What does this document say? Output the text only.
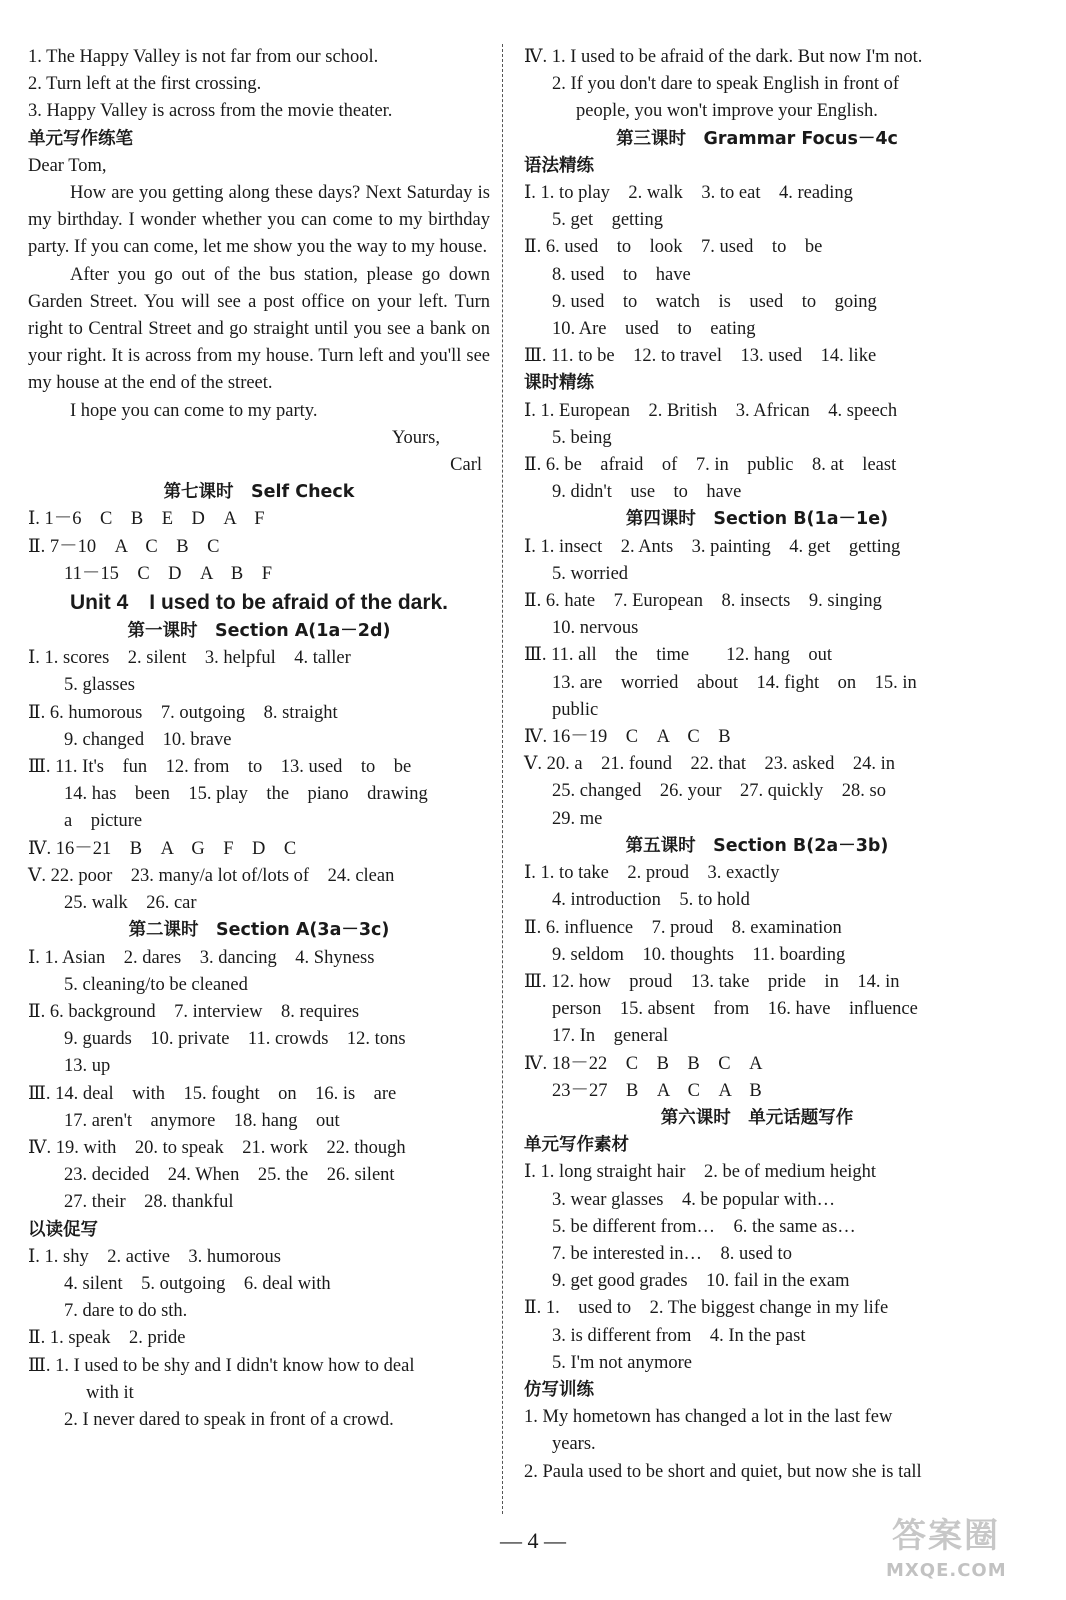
1. The Happy Valley is not far from our school.
2. Turn left at the first crossing.
3. Happy Valley is across from the movie theater.
单元写作练笔
Dear Tom,
How are you getting along these days? Next Saturday is my birthday. I wonder whether you can come to my birthday party. If you can come, let me show you the way to my house.
After you go out of the bus station, please go down Garden Street. You will see a post office on your left. Turn right to Central Street and go straight until you see a bank on your right. It is across from my house. Turn left and you'll see my house at the end of the street.
I hope you can come to my party.
Yours,
Carl
第七课时　Self Check
Ⅰ. 1－6　C　B　E　D　A　F
Ⅱ. 7－10　A　C　B　C
11－15　C　D　A　B　F
Unit 4　I used to be afraid of the dark.
第一课时　Section A(1a－2d)
Ⅰ. 1. scores　2. silent　3. helpful　4. taller
5. glasses
Ⅱ. 6. humorous　7. outgoing　8. straight
9. changed　10. brave
Ⅲ. 11. It's　fun　12. from　to　13. used　to　be
14. has　been　15. play　the　piano　drawing
a　picture
Ⅳ. 16－21　B　A　G　F　D　C
Ⅴ. 22. poor　23. many/a lot of/lots of　24. clean
25. walk　26. car
第二课时　Section A(3a－3c)
Ⅰ. 1. Asian　2. dares　3. dancing　4. Shyness
5. cleaning/to be cleaned
Ⅱ. 6. background　7. interview　8. requires
9. guards　10. private　11. crowds　12. tons
13. up
Ⅲ. 14. deal　with　15. fought　on　16. is　are
17. aren't　anymore　18. hang　out
Ⅳ. 19. with　20. to speak　21. work　22. though
23. decided　24. When　25. the　26. silent
27. their　28. thankful
以读促写
Ⅰ. 1. shy　2. active　3. humorous
4. silent　5. outgoing　6. deal with
7. dare to do sth.
Ⅱ. 1. speak　2. pride
Ⅲ. 1. I used to be shy and I didn't know how to deal
with it
2. I never dared to speak in front of a crowd.
Ⅳ. 1. I used to be afraid of the dark. But now I'm not.
2. If you don't dare to speak English in front of
people, you won't improve your English.
第三课时　Grammar Focus－4c
语法精练
Ⅰ. 1. to play　2. walk　3. to eat　4. reading
5. get　getting
Ⅱ. 6. used　to　look　7. used　to　be
8. used　to　have
9. used　to　watch　is　used　to　going
10. Are　used　to　eating
Ⅲ. 11. to be　12. to travel　13. used　14. like
课时精练
Ⅰ. 1. European　2. British　3. African　4. speech
5. being
Ⅱ. 6. be　afraid　of　7. in　public　8. at　least
9. didn't　use　to　have
第四课时　Section B(1a－1e)
Ⅰ. 1. insect　2. Ants　3. painting　4. get　getting
5. worried
Ⅱ. 6. hate　7. European　8. insects　9. singing
10. nervous
Ⅲ. 11. all　the　time　　12. hang　out
13. are　worried　about　14. fight　on　15. in
public
Ⅳ. 16－19　C　A　C　B
Ⅴ. 20. a　21. found　22. that　23. asked　24. in
25. changed　26. your　27. quickly　28. so
29. me
第五课时　Section B(2a－3b)
Ⅰ. 1. to take　2. proud　3. exactly
4. introduction　5. to hold
Ⅱ. 6. influence　7. proud　8. examination
9. seldom　10. thoughts　11. boarding
Ⅲ. 12. how　proud　13. take　pride　in　14. in
person　15. absent　from　16. have　influence
17. In　general
Ⅳ. 18－22　C　B　B　C　A
23－27　B　A　C　A　B
第六课时　单元话题写作
单元写作素材
Ⅰ. 1. long straight hair　2. be of medium height
3. wear glasses　4. be popular with…
5. be different from…　6. the same as…
7. be interested in…　8. used to
9. get good grades　10. fail in the exam
Ⅱ. 1.　used to　2. The biggest change in my life
3. is different from　4. In the past
5. I'm not anymore
仿写训练
1. My hometown has changed a lot in the last few
years.
2. Paula used to be short and quiet, but now she is tall
— 4 —	答案圈
MXQE.COM
